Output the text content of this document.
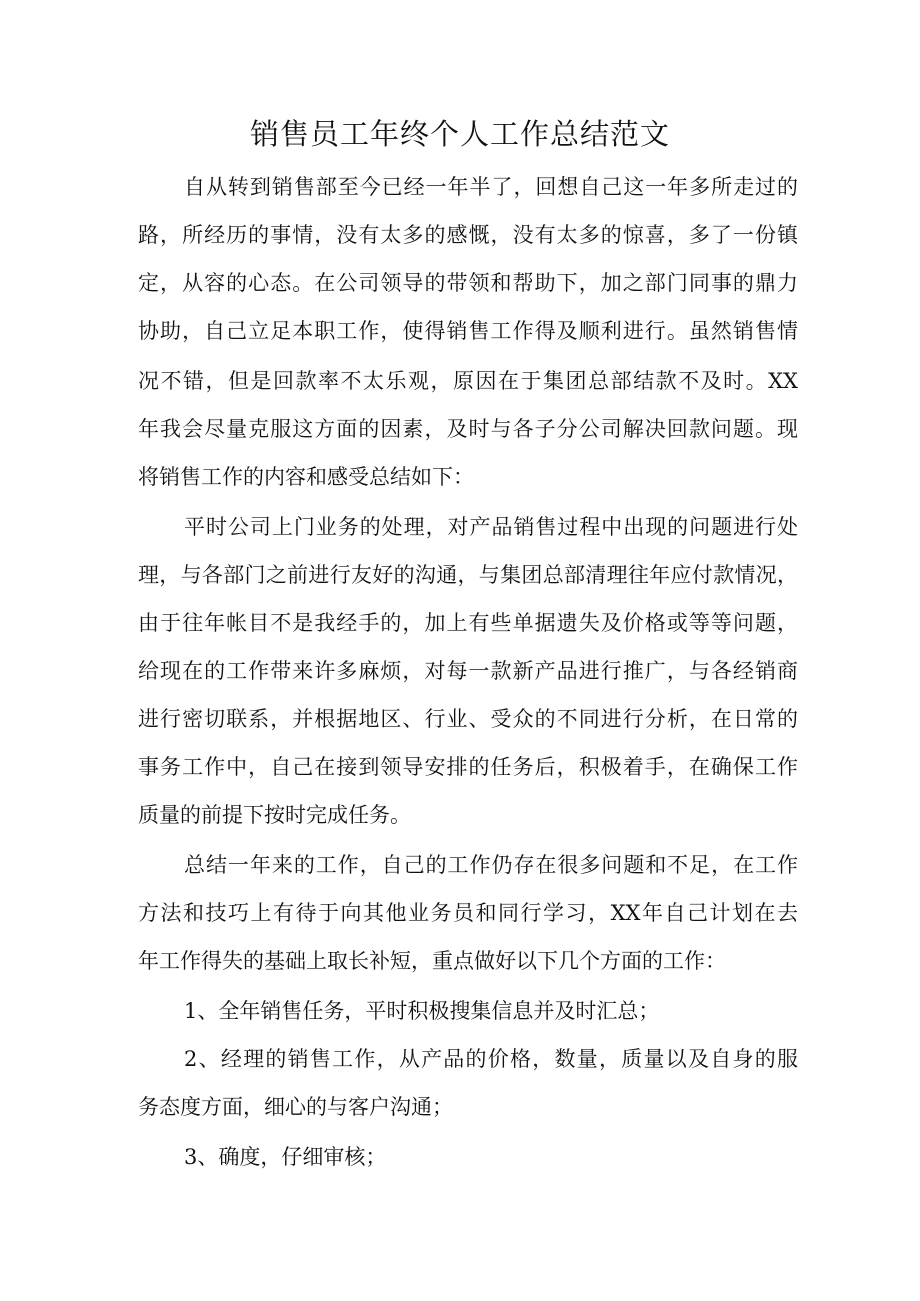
销售员工年终个人工作总结范文
自从转到销售部至今已经一年半了，回想自己这一年多所走过的
路，所经历的事情，没有太多的感慨，没有太多的惊喜，多了一份镇
定，从容的心态。在公司领导的带领和帮助下，加之部门同事的鼎力
协助，自己立足本职工作，使得销售工作得及顺利进行。虽然销售情
况不错，但是回款率不太乐观，原因在于集团总部结款不及时。XX
年我会尽量克服这方面的因素，及时与各子分公司解决回款问题。现
将销售工作的内容和感受总结如下：
平时公司上门业务的处理，对产品销售过程中出现的问题进行处
理，与各部门之前进行友好的沟通，与集团总部清理往年应付款情况，
由于往年帐目不是我经手的，加上有些单据遗失及价格或等等问题，
给现在的工作带来许多麻烦，对每一款新产品进行推广，与各经销商
进行密切联系，并根据地区、行业、受众的不同进行分析，在日常的
事务工作中，自己在接到领导安排的任务后，积极着手，在确保工作
质量的前提下按时完成任务。
总结一年来的工作，自己的工作仍存在很多问题和不足，在工作
方法和技巧上有待于向其他业务员和同行学习，XX年自己计划在去
年工作得失的基础上取长补短，重点做好以下几个方面的工作：
1、全年销售任务，平时积极搜集信息并及时汇总；
2、经理的销售工作，从产品的价格，数量，质量以及自身的服
务态度方面，细心的与客户沟通；
3、确度，仔细审核；
